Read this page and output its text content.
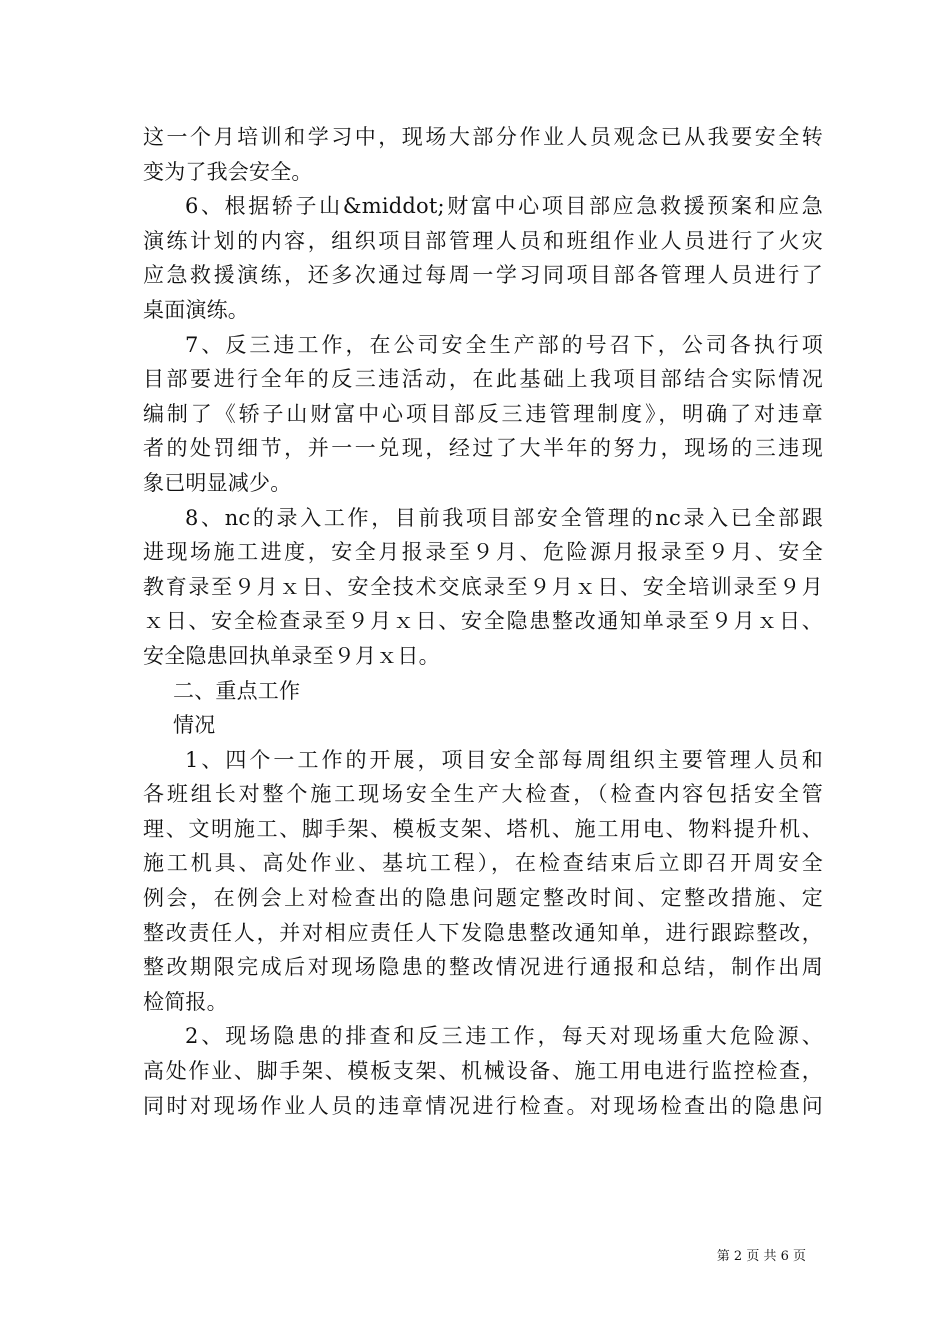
这一个月培训和学习中，现场大部分作业人员观念已从我要安全转
变为了我会安全。
6、根据轿子山&middot;财富中心项目部应急救援预案和应急
演练计划的内容，组织项目部管理人员和班组作业人员进行了火灾
应急救援演练，还多次通过每周一学习同项目部各管理人员进行了
桌面演练。
7、反三违工作，在公司安全生产部的号召下，公司各执行项
目部要进行全年的反三违活动，在此基础上我项目部结合实际情况
编制了《轿子山财富中心项目部反三违管理制度》，明确了对违章
者的处罚细节，并一一兑现，经过了大半年的努力，现场的三违现
象已明显减少。
8、nc的录入工作，目前我项目部安全管理的nc录入已全部跟
进现场施工进度，安全月报录至９月、危险源月报录至９月、安全
教育录至９月ｘ日、安全技术交底录至９月ｘ日、安全培训录至９月
ｘ日、安全检查录至９月ｘ日、安全隐患整改通知单录至９月ｘ日、
安全隐患回执单录至９月ｘ日。
二、重点工作
情况
1、四个一工作的开展，项目安全部每周组织主要管理人员和
各班组长对整个施工现场安全生产大检查，（检查内容包括安全管
理、文明施工、脚手架、模板支架、塔机、施工用电、物料提升机、
施工机具、高处作业、基坑工程），在检查结束后立即召开周安全
例会，在例会上对检查出的隐患问题定整改时间、定整改措施、定
整改责任人，并对相应责任人下发隐患整改通知单，进行跟踪整改，
整改期限完成后对现场隐患的整改情况进行通报和总结，制作出周
检简报。
2、现场隐患的排查和反三违工作，每天对现场重大危险源、
高处作业、脚手架、模板支架、机械设备、施工用电进行监控检查，
同时对现场作业人员的违章情况进行检查。对现场检查出的隐患问
第 2 页 共 6 页
